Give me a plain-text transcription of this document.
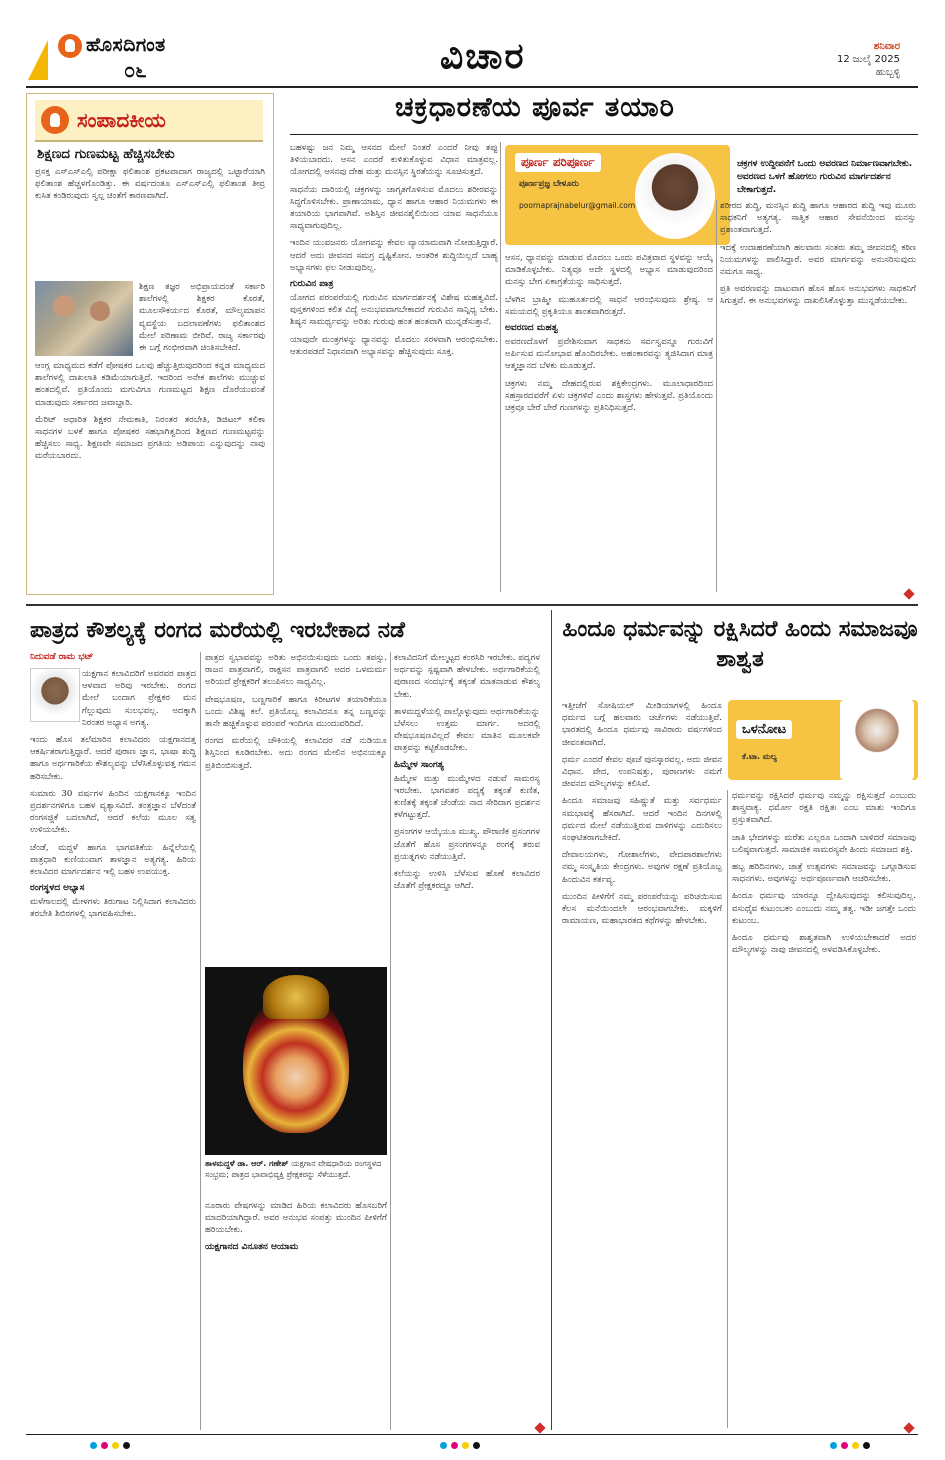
ಹೊಸದಿಗಂತ
೦೬	ವಿಚಾರ	ಶನಿವಾರ
12 ಜುಲೈ 2025
ಹುಬ್ಬಳ್ಳಿ
ಸಂಪಾದಕೀಯ
ಶಿಕ್ಷಣದ ಗುಣಮಟ್ಟ ಹೆಚ್ಚಿಸಬೇಕು

ಪ್ರಸಕ್ತ ಎಸ್ಎಸ್ಎಲ್ಸಿ ಪರೀಕ್ಷಾ ಫಲಿತಾಂಶ ಪ್ರಕಟವಾದಾಗ ರಾಜ್ಯದಲ್ಲಿ ಒಟ್ಟಾರೆಯಾಗಿ ಫಲಿತಾಂಶ ಹೆಚ್ಚಳಗೊಂಡಿತ್ತು. ಈ ವರ್ಷದಂತೂ ಎಸ್ಎಸ್ಎಲ್ಸಿ ಫಲಿತಾಂಶ ತೀವ್ರ ಕುಸಿತ ಕಂಡಿರುವುದು ಸ್ವಲ್ಪ ಚಿಂತೆಗೆ ಕಾರಣವಾಗಿದೆ.

ಶಿಕ್ಷಣ ತಜ್ಞರ ಅಭಿಪ್ರಾಯದಂತೆ ಸರ್ಕಾರಿ ಶಾಲೆಗಳಲ್ಲಿ ಶಿಕ್ಷಕರ ಕೊರತೆ, ಮೂಲಸೌಕರ್ಯದ ಕೊರತೆ, ಮೌಲ್ಯಮಾಪನ ವ್ಯವಸ್ಥೆಯ ಬದಲಾವಣೆಗಳು ಫಲಿತಾಂಶದ ಮೇಲೆ ಪರಿಣಾಮ ಬೀರಿವೆ. ರಾಜ್ಯ ಸರ್ಕಾರವು ಈ ಬಗ್ಗೆ ಗಂಭೀರವಾಗಿ ಚಿಂತಿಸಬೇಕಿದೆ.

ಆಂಗ್ಲ ಮಾಧ್ಯಮದ ಕಡೆಗೆ ಪೋಷಕರ ಒಲವು ಹೆಚ್ಚುತ್ತಿರುವುದರಿಂದ ಕನ್ನಡ ಮಾಧ್ಯಮದ ಶಾಲೆಗಳಲ್ಲಿ ದಾಖಲಾತಿ ಕಡಿಮೆಯಾಗುತ್ತಿದೆ. ಇದರಿಂದ ಅನೇಕ ಶಾಲೆಗಳು ಮುಚ್ಚುವ ಹಂತದಲ್ಲಿವೆ. ಪ್ರತಿಯೊಂದು ಮಗುವಿಗೂ ಗುಣಮಟ್ಟದ ಶಿಕ್ಷಣ ದೊರೆಯುವಂತೆ ಮಾಡುವುದು ಸರ್ಕಾರದ ಜವಾಬ್ದಾರಿ.

ಮೆರಿಟ್ ಆಧಾರಿತ ಶಿಕ್ಷಕರ ನೇಮಕಾತಿ, ನಿರಂತರ ತರಬೇತಿ, ಡಿಜಿಟಲ್ ಕಲಿಕಾ ಸಾಧನಗಳ ಬಳಕೆ ಹಾಗೂ ಪೋಷಕರ ಸಹಭಾಗಿತ್ವದಿಂದ ಶಿಕ್ಷಣದ ಗುಣಮಟ್ಟವನ್ನು ಹೆಚ್ಚಿಸಲು ಸಾಧ್ಯ. ಶಿಕ್ಷಣವೇ ಸಮಾಜದ ಪ್ರಗತಿಯ ಅಡಿಪಾಯ ಎನ್ನುವುದನ್ನು ನಾವು ಮರೆಯಬಾರದು.

ಚಕ್ರಧಾರಣೆಯ ಪೂರ್ವ ತಯಾರಿ

ಬಹಳಷ್ಟು ಜನ ನಿಮ್ಮ ಆಸನದ ಮೇಲೆ ನಿಂತರೆ ಎಂದರೆ ನೀವು ತಪ್ಪು ತಿಳಿಯಬಾರದು. ಆಸನ ಎಂದರೆ ಕುಳಿತುಕೊಳ್ಳುವ ವಿಧಾನ ಮಾತ್ರವಲ್ಲ. ಯೋಗದಲ್ಲಿ ಆಸನವು ದೇಹ ಮತ್ತು ಮನಸ್ಸಿನ ಸ್ಥಿರತೆಯನ್ನು ಸೂಚಿಸುತ್ತದೆ.

ಸಾಧನೆಯ ದಾರಿಯಲ್ಲಿ ಚಕ್ರಗಳನ್ನು ಜಾಗೃತಗೊಳಿಸುವ ಮೊದಲು ಶರೀರವನ್ನು ಸಿದ್ಧಗೊಳಿಸಬೇಕು. ಪ್ರಾಣಾಯಾಮ, ಧ್ಯಾನ ಹಾಗೂ ಆಹಾರ ನಿಯಮಗಳು ಈ ತಯಾರಿಯ ಭಾಗವಾಗಿವೆ. ಅಶಿಸ್ತಿನ ಜೀವನಶೈಲಿಯಿಂದ ಯಾವ ಸಾಧನೆಯೂ ಸಾಧ್ಯವಾಗುವುದಿಲ್ಲ.

ಇಂದಿನ ಯುವಜನರು ಯೋಗವನ್ನು ಕೇವಲ ವ್ಯಾಯಾಮವಾಗಿ ನೋಡುತ್ತಿದ್ದಾರೆ. ಆದರೆ ಅದು ಜೀವನದ ಸಮಗ್ರ ದೃಷ್ಟಿಕೋನ. ಆಂತರಿಕ ಶುದ್ಧಿಯಿಲ್ಲದೆ ಬಾಹ್ಯ ಅಭ್ಯಾಸಗಳು ಫಲ ನೀಡುವುದಿಲ್ಲ.

ಗುರುವಿನ ಪಾತ್ರ

ಯೋಗದ ಪರಂಪರೆಯಲ್ಲಿ ಗುರುವಿನ ಮಾರ್ಗದರ್ಶನಕ್ಕೆ ವಿಶೇಷ ಮಹತ್ವವಿದೆ. ಪುಸ್ತಕಗಳಿಂದ ಕಲಿತ ವಿದ್ಯೆ ಅನುಭವವಾಗಬೇಕಾದರೆ ಗುರುವಿನ ಸಾನ್ನಿಧ್ಯ ಬೇಕು. ಶಿಷ್ಯನ ಸಾಮರ್ಥ್ಯವನ್ನು ಅರಿತು ಗುರುವು ಹಂತ ಹಂತವಾಗಿ ಮುನ್ನಡೆಸುತ್ತಾನೆ.

ಯಾವುದೇ ಮಂತ್ರಗಳನ್ನು ಧ್ಯಾನವನ್ನು ಮೊದಲು ಸರಳವಾಗಿ ಆರಂಭಿಸಬೇಕು. ಆತುರಪಡದೆ ನಿಧಾನವಾಗಿ ಅಭ್ಯಾಸವನ್ನು ಹೆಚ್ಚಿಸುವುದು ಸೂಕ್ತ.

ಪೂರ್ಣ ಪರಿಪೂರ್ಣ
ಪೂರ್ಣಪ್ರಜ್ಞ ಬೇಳೂರು
poornaprajnabelur@gmail.com
ಚಕ್ರಗಳ ಉದ್ದೀಪನೆಗೆ ಒಂದು ಅವರಣದ ನಿರ್ಮಾಣವಾಗಬೇಕು. ಅವರಣದ ಒಳಗೆ ಹೋಗಲು ಗುರುವಿನ ಮಾರ್ಗದರ್ಶನ ಬೇಕಾಗುತ್ತದೆ.

ಆಸನ, ಧ್ಯಾನವನ್ನು ಮಾಡುವ ಮೊದಲು ಒಂದು ಪವಿತ್ರವಾದ ಸ್ಥಳವನ್ನು ಆಯ್ಕೆ ಮಾಡಿಕೊಳ್ಳಬೇಕು. ನಿತ್ಯವೂ ಅದೇ ಸ್ಥಳದಲ್ಲಿ ಅಭ್ಯಾಸ ಮಾಡುವುದರಿಂದ ಮನಸ್ಸು ಬೇಗ ಏಕಾಗ್ರತೆಯನ್ನು ಸಾಧಿಸುತ್ತದೆ.

ಬೆಳಗಿನ ಬ್ರಾಹ್ಮೀ ಮುಹೂರ್ತದಲ್ಲಿ ಸಾಧನೆ ಆರಂಭಿಸುವುದು ಶ್ರೇಷ್ಠ. ಆ ಸಮಯದಲ್ಲಿ ಪ್ರಕೃತಿಯೂ ಶಾಂತವಾಗಿರುತ್ತದೆ.

ಅವರಣದ ಮಹತ್ವ

ಅವರಣದೊಳಗೆ ಪ್ರವೇಶಿಸುವಾಗ ಸಾಧಕನು ಸರ್ವಸ್ವವನ್ನೂ ಗುರುವಿಗೆ ಅರ್ಪಿಸುವ ಮನೋಭಾವ ಹೊಂದಿರಬೇಕು. ಅಹಂಕಾರವನ್ನು ತ್ಯಜಿಸಿದಾಗ ಮಾತ್ರ ಆತ್ಮಜ್ಞಾನದ ಬೆಳಕು ಮೂಡುತ್ತದೆ.

ಚಕ್ರಗಳು ನಮ್ಮ ದೇಹದಲ್ಲಿರುವ ಶಕ್ತಿಕೇಂದ್ರಗಳು. ಮೂಲಾಧಾರದಿಂದ ಸಹಸ್ರಾರದವರೆಗೆ ಏಳು ಚಕ್ರಗಳಿವೆ ಎಂದು ಶಾಸ್ತ್ರಗಳು ಹೇಳುತ್ತವೆ. ಪ್ರತಿಯೊಂದು ಚಕ್ರವೂ ಬೇರೆ ಬೇರೆ ಗುಣಗಳನ್ನು ಪ್ರತಿನಿಧಿಸುತ್ತದೆ.

ಶರೀರದ ಶುದ್ಧಿ, ಮನಸ್ಸಿನ ಶುದ್ಧಿ ಹಾಗೂ ಆಹಾರದ ಶುದ್ಧಿ ಇವು ಮೂರು ಸಾಧಕನಿಗೆ ಅತ್ಯಗತ್ಯ. ಸಾತ್ವಿಕ ಆಹಾರ ಸೇವನೆಯಿಂದ ಮನಸ್ಸು ಪ್ರಶಾಂತವಾಗುತ್ತದೆ.

ಇದಕ್ಕೆ ಉದಾಹರಣೆಯಾಗಿ ಹಲವಾರು ಸಂತರು ತಮ್ಮ ಜೀವನದಲ್ಲಿ ಕಠಿಣ ನಿಯಮಗಳನ್ನು ಪಾಲಿಸಿದ್ದಾರೆ. ಅವರ ಮಾರ್ಗವನ್ನು ಅನುಸರಿಸುವುದು ನಮಗೂ ಸಾಧ್ಯ.

ಪ್ರತಿ ಅವರಣವನ್ನು ದಾಟುವಾಗ ಹೊಸ ಹೊಸ ಅನುಭವಗಳು ಸಾಧಕನಿಗೆ ಸಿಗುತ್ತವೆ. ಈ ಅನುಭವಗಳನ್ನು ದಾಖಲಿಸಿಕೊಳ್ಳುತ್ತಾ ಮುನ್ನಡೆಯಬೇಕು.

ಪಾತ್ರದ ಕೌಶಲ್ಯಕ್ಕೆ ರಂಗದ ಮರೆಯಲ್ಲಿ ಇರಬೇಕಾದ ನಡೆ
ನಿದುವಡೆ ರಾಮ ಭಟ್

ಯಕ್ಷಗಾನ ಕಲಾವಿದರಿಗೆ ಅವರವರ ಪಾತ್ರದ ಆಳವಾದ ಅರಿವು ಇರಬೇಕು. ರಂಗದ ಮೇಲೆ ಬಂದಾಗ ಪ್ರೇಕ್ಷಕರ ಮನ ಗೆಲ್ಲುವುದು ಸುಲಭವಲ್ಲ. ಅದಕ್ಕಾಗಿ ನಿರಂತರ ಅಭ್ಯಾಸ ಅಗತ್ಯ.

ಇಂದು ಹೊಸ ತಲೆಮಾರಿನ ಕಲಾವಿದರು ಯಕ್ಷಗಾನದತ್ತ ಆಕರ್ಷಿತರಾಗುತ್ತಿದ್ದಾರೆ. ಆದರೆ ಪುರಾಣ ಜ್ಞಾನ, ಭಾಷಾ ಶುದ್ಧಿ ಹಾಗೂ ಅರ್ಥಗಾರಿಕೆಯ ಕೌಶಲ್ಯವನ್ನು ಬೆಳೆಸಿಕೊಳ್ಳುವತ್ತ ಗಮನ ಹರಿಸಬೇಕು.

ಸುಮಾರು 30 ವರ್ಷಗಳ ಹಿಂದಿನ ಯಕ್ಷಗಾನಕ್ಕೂ ಇಂದಿನ ಪ್ರದರ್ಶನಗಳಿಗೂ ಬಹಳ ವ್ಯತ್ಯಾಸವಿದೆ. ತಂತ್ರಜ್ಞಾನ ಬೆಳೆದಂತೆ ರಂಗಸಜ್ಜಿಕೆ ಬದಲಾಗಿದೆ, ಆದರೆ ಕಲೆಯ ಮೂಲ ಸತ್ವ ಉಳಿಯಬೇಕು.

ಚೆಂಡೆ, ಮದ್ದಳೆ ಹಾಗೂ ಭಾಗವತಿಕೆಯ ಹಿನ್ನೆಲೆಯಲ್ಲಿ ಪಾತ್ರಧಾರಿ ಕುಣಿಯುವಾಗ ತಾಳಜ್ಞಾನ ಅತ್ಯಗತ್ಯ. ಹಿರಿಯ ಕಲಾವಿದರ ಮಾರ್ಗದರ್ಶನ ಇಲ್ಲಿ ಬಹಳ ಉಪಯುಕ್ತ.

ರಂಗಸ್ಥಳದ ಅಭ್ಯಾಸ

ಮಳೆಗಾಲದಲ್ಲಿ ಮೇಳಗಳು ತಿರುಗಾಟ ನಿಲ್ಲಿಸಿದಾಗ ಕಲಾವಿದರು ತರಬೇತಿ ಶಿಬಿರಗಳಲ್ಲಿ ಭಾಗವಹಿಸಬೇಕು.

ಪಾತ್ರದ ಸ್ವಭಾವವನ್ನು ಅರಿತು ಅಭಿನಯಿಸುವುದು ಒಂದು ತಪಸ್ಸು. ರಾಜನ ಪಾತ್ರವಾಗಲಿ, ರಾಕ್ಷಸನ ಪಾತ್ರವಾಗಲಿ ಅದರ ಒಳಮರ್ಮ ಅರಿಯದೆ ಪ್ರೇಕ್ಷಕರಿಗೆ ತಲುಪಿಸಲು ಸಾಧ್ಯವಿಲ್ಲ.

ವೇಷಭೂಷಣ, ಬಣ್ಣಗಾರಿಕೆ ಹಾಗೂ ಕಿರೀಟಗಳ ತಯಾರಿಕೆಯೂ ಒಂದು ವಿಶಿಷ್ಟ ಕಲೆ. ಪ್ರತಿಯೊಬ್ಬ ಕಲಾವಿದನೂ ತನ್ನ ಬಣ್ಣವನ್ನು ತಾನೇ ಹಚ್ಚಿಕೊಳ್ಳುವ ಪರಂಪರೆ ಇಂದಿಗೂ ಮುಂದುವರಿದಿದೆ.

ರಂಗದ ಮರೆಯಲ್ಲಿ ಚೌಕಿಯಲ್ಲಿ ಕಲಾವಿದರ ನಡೆ ನುಡಿಯೂ ಶಿಸ್ತಿನಿಂದ ಕೂಡಿರಬೇಕು. ಅದು ರಂಗದ ಮೇಲಿನ ಅಭಿನಯಕ್ಕೂ ಪ್ರತಿಬಿಂಬಿಸುತ್ತದೆ.

ತಾಳಮದ್ದಳೆ ಡಾ. ಆರ್. ಗಣೇಶ್ ಯಕ್ಷಗಾನ ವೇಷಧಾರಿಯ ರಂಗಸ್ಥಳದ ಸಂಭ್ರಮ; ಪಾತ್ರದ ಭಾವಾಭಿವ್ಯಕ್ತಿ ಪ್ರೇಕ್ಷಕರನ್ನು ಸೆಳೆಯುತ್ತದೆ.

ನೂರಾರು ವೇಷಗಳನ್ನು ಮಾಡಿದ ಹಿರಿಯ ಕಲಾವಿದರು ಹೊಸಬರಿಗೆ ಮಾದರಿಯಾಗಿದ್ದಾರೆ. ಅವರ ಅನುಭವ ಸಂಪತ್ತು ಮುಂದಿನ ಪೀಳಿಗೆಗೆ ಹರಿಯಬೇಕು.

ಯಕ್ಷಗಾನದ ವಿನೂತನ ಆಯಾಮ

ಕಲಾವಿದನಿಗೆ ಮೇಲ್ಮಟ್ಟದ ಕಂಠಸಿರಿ ಇರಬೇಕು. ಪದ್ಯಗಳ ಅರ್ಥವನ್ನು ಸ್ಪಷ್ಟವಾಗಿ ಹೇಳಬೇಕು. ಅರ್ಥಗಾರಿಕೆಯಲ್ಲಿ ಪುರಾಣದ ಸಂದರ್ಭಕ್ಕೆ ತಕ್ಕಂತೆ ಮಾತನಾಡುವ ಕೌಶಲ್ಯ ಬೇಕು.

ತಾಳಮದ್ದಳೆಯಲ್ಲಿ ಪಾಲ್ಗೊಳ್ಳುವುದು ಅರ್ಥಗಾರಿಕೆಯನ್ನು ಬೆಳೆಸಲು ಉತ್ತಮ ಮಾರ್ಗ. ಅದರಲ್ಲಿ ವೇಷಭೂಷಣವಿಲ್ಲದೆ ಕೇವಲ ಮಾತಿನ ಮೂಲಕವೇ ಪಾತ್ರವನ್ನು ಕಟ್ಟಿಕೊಡಬೇಕು.

ಹಿಮ್ಮೇಳ ಸಾಂಗತ್ಯ

ಹಿಮ್ಮೇಳ ಮತ್ತು ಮುಮ್ಮೇಳದ ನಡುವೆ ಸಾಮರಸ್ಯ ಇರಬೇಕು. ಭಾಗವತರ ಪದ್ಯಕ್ಕೆ ತಕ್ಕಂತೆ ಕುಣಿತ, ಕುಣಿತಕ್ಕೆ ತಕ್ಕಂತೆ ಚೆಂಡೆಯ ನಾದ ಸೇರಿದಾಗ ಪ್ರದರ್ಶನ ಕಳೆಗಟ್ಟುತ್ತದೆ.

ಪ್ರಸಂಗಗಳ ಆಯ್ಕೆಯೂ ಮುಖ್ಯ. ಪೌರಾಣಿಕ ಪ್ರಸಂಗಗಳ ಜೊತೆಗೆ ಹೊಸ ಪ್ರಸಂಗಗಳನ್ನೂ ರಂಗಕ್ಕೆ ತರುವ ಪ್ರಯತ್ನಗಳು ನಡೆಯುತ್ತಿವೆ.

ಕಲೆಯನ್ನು ಉಳಿಸಿ ಬೆಳೆಸುವ ಹೊಣೆ ಕಲಾವಿದರ ಜೊತೆಗೆ ಪ್ರೇಕ್ಷಕರದ್ದೂ ಆಗಿದೆ.

ಹಿಂದೂ ಧರ್ಮವನ್ನು ರಕ್ಷಿಸಿದರೆ ಹಿಂದು ಸಮಾಜವೂ ಶಾಶ್ವತ
ಒಳನೋಟ
ಕೆ.ಟಾ. ಮಲ್ಯ

ಇತ್ತೀಚೆಗೆ ಸೋಷಿಯಲ್ ಮೀಡಿಯಾಗಳಲ್ಲಿ ಹಿಂದೂ ಧರ್ಮದ ಬಗ್ಗೆ ಹಲವಾರು ಚರ್ಚೆಗಳು ನಡೆಯುತ್ತಿವೆ. ಭಾರತದಲ್ಲಿ ಹಿಂದೂ ಧರ್ಮವು ಸಾವಿರಾರು ವರ್ಷಗಳಿಂದ ಜೀವಂತವಾಗಿದೆ.

ಧರ್ಮ ಎಂದರೆ ಕೇವಲ ಪೂಜೆ ಪುನಸ್ಕಾರವಲ್ಲ. ಅದು ಜೀವನ ವಿಧಾನ. ವೇದ, ಉಪನಿಷತ್ತು, ಪುರಾಣಗಳು ನಮಗೆ ಜೀವನದ ಮೌಲ್ಯಗಳನ್ನು ಕಲಿಸಿವೆ.

ಹಿಂದೂ ಸಮಾಜವು ಸಹಿಷ್ಣುತೆ ಮತ್ತು ಸರ್ವಧರ್ಮ ಸಮಭಾವಕ್ಕೆ ಹೆಸರಾಗಿದೆ. ಆದರೆ ಇಂದಿನ ದಿನಗಳಲ್ಲಿ ಧರ್ಮದ ಮೇಲೆ ನಡೆಯುತ್ತಿರುವ ದಾಳಿಗಳನ್ನು ಎದುರಿಸಲು ಸಂಘಟಿತರಾಗಬೇಕಿದೆ.

ದೇವಾಲಯಗಳು, ಗೋಶಾಲೆಗಳು, ವೇದಪಾಠಶಾಲೆಗಳು ನಮ್ಮ ಸಂಸ್ಕೃತಿಯ ಕೇಂದ್ರಗಳು. ಅವುಗಳ ರಕ್ಷಣೆ ಪ್ರತಿಯೊಬ್ಬ ಹಿಂದುವಿನ ಕರ್ತವ್ಯ.

ಮುಂದಿನ ಪೀಳಿಗೆಗೆ ನಮ್ಮ ಪರಂಪರೆಯನ್ನು ಪರಿಚಯಿಸುವ ಕೆಲಸ ಮನೆಯಿಂದಲೇ ಆರಂಭವಾಗಬೇಕು. ಮಕ್ಕಳಿಗೆ ರಾಮಾಯಣ, ಮಹಾಭಾರತದ ಕಥೆಗಳನ್ನು ಹೇಳಬೇಕು.

ಧರ್ಮವನ್ನು ರಕ್ಷಿಸಿದರೆ ಧರ್ಮವು ನಮ್ಮನ್ನು ರಕ್ಷಿಸುತ್ತದೆ ಎಂಬುದು ಶಾಸ್ತ್ರವಾಕ್ಯ. ಧರ್ಮೋ ರಕ್ಷತಿ ರಕ್ಷಿತಃ ಎಂಬ ಮಾತು ಇಂದಿಗೂ ಪ್ರಸ್ತುತವಾಗಿದೆ.

ಜಾತಿ ಭೇದಗಳನ್ನು ಮರೆತು ಎಲ್ಲರೂ ಒಂದಾಗಿ ಬಾಳಿದರೆ ಸಮಾಜವು ಬಲಿಷ್ಠವಾಗುತ್ತದೆ. ಸಾಮಾಜಿಕ ಸಾಮರಸ್ಯವೇ ಹಿಂದು ಸಮಾಜದ ಶಕ್ತಿ.

ಹಬ್ಬ ಹರಿದಿನಗಳು, ಜಾತ್ರೆ ಉತ್ಸವಗಳು ಸಮಾಜವನ್ನು ಒಗ್ಗೂಡಿಸುವ ಸಾಧನಗಳು. ಅವುಗಳನ್ನು ಅರ್ಥಪೂರ್ಣವಾಗಿ ಆಚರಿಸಬೇಕು.

ಹಿಂದೂ ಧರ್ಮವು ಯಾರನ್ನೂ ದ್ವೇಷಿಸುವುದನ್ನು ಕಲಿಸುವುದಿಲ್ಲ. ವಸುಧೈವ ಕುಟುಂಬಕಂ ಎಂಬುದು ನಮ್ಮ ತತ್ವ. ಇಡೀ ಜಗತ್ತೇ ಒಂದು ಕುಟುಂಬ.

ಹಿಂದೂ ಧರ್ಮವು ಶಾಶ್ವತವಾಗಿ ಉಳಿಯಬೇಕಾದರೆ ಅದರ ಮೌಲ್ಯಗಳನ್ನು ನಾವು ಜೀವನದಲ್ಲಿ ಅಳವಡಿಸಿಕೊಳ್ಳಬೇಕು.
